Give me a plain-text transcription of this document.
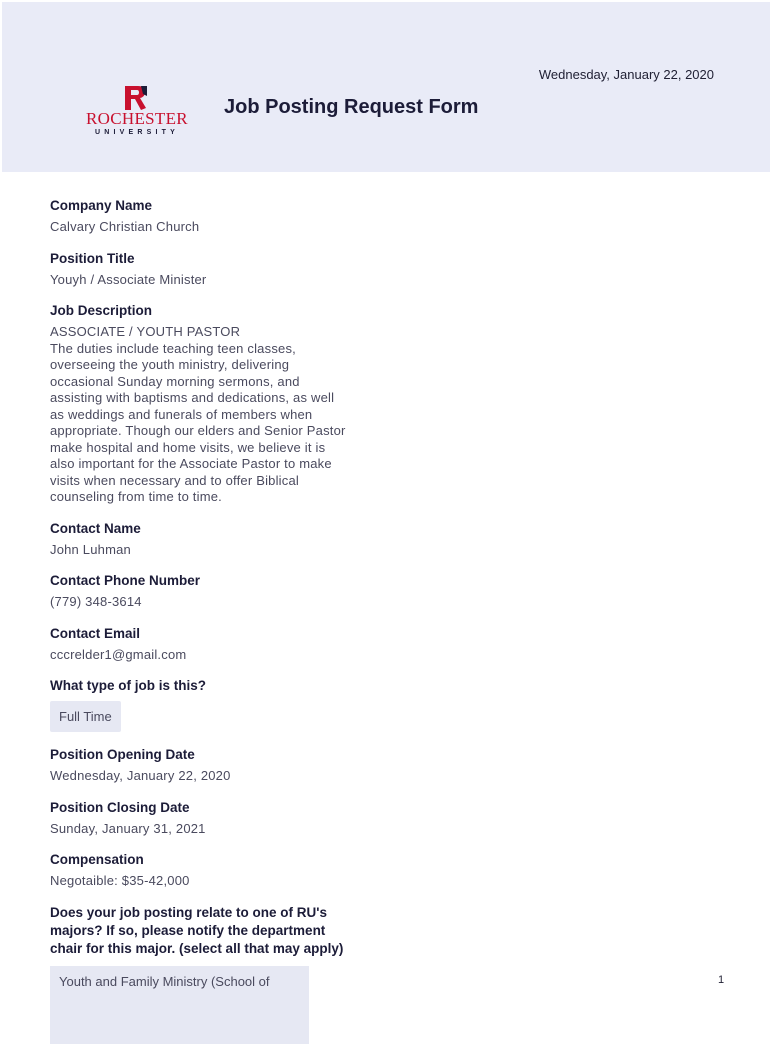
ROCHESTER
UNIVERSITY
Job Posting Request Form
Wednesday, January 22, 2020

Company Name

Calvary Christian Church

Position Title

Youyh / Associate Minister

Job Description

ASSOCIATE / YOUTH PASTOR
The duties include teaching teen classes,
overseeing the youth ministry, delivering
occasional Sunday morning sermons, and
assisting with baptisms and dedications, as well
as weddings and funerals of members when
appropriate. Though our elders and Senior Pastor
make hospital and home visits, we believe it is
also important for the Associate Pastor to make
visits when necessary and to offer Biblical
counseling from time to time.

Contact Name

John Luhman

Contact Phone Number

(779) 348-3614

Contact Email

cccrelder1@gmail.com

What type of job is this?

Full Time

Position Opening Date

Wednesday, January 22, 2020

Position Closing Date

Sunday, January 31, 2021

Compensation

Negotaible: $35-42,000

Does your job posting relate to one of RU's

majors? If so, please notify the department

chair for this major. (select all that may apply)

Youth and Family Ministry (School of	1
